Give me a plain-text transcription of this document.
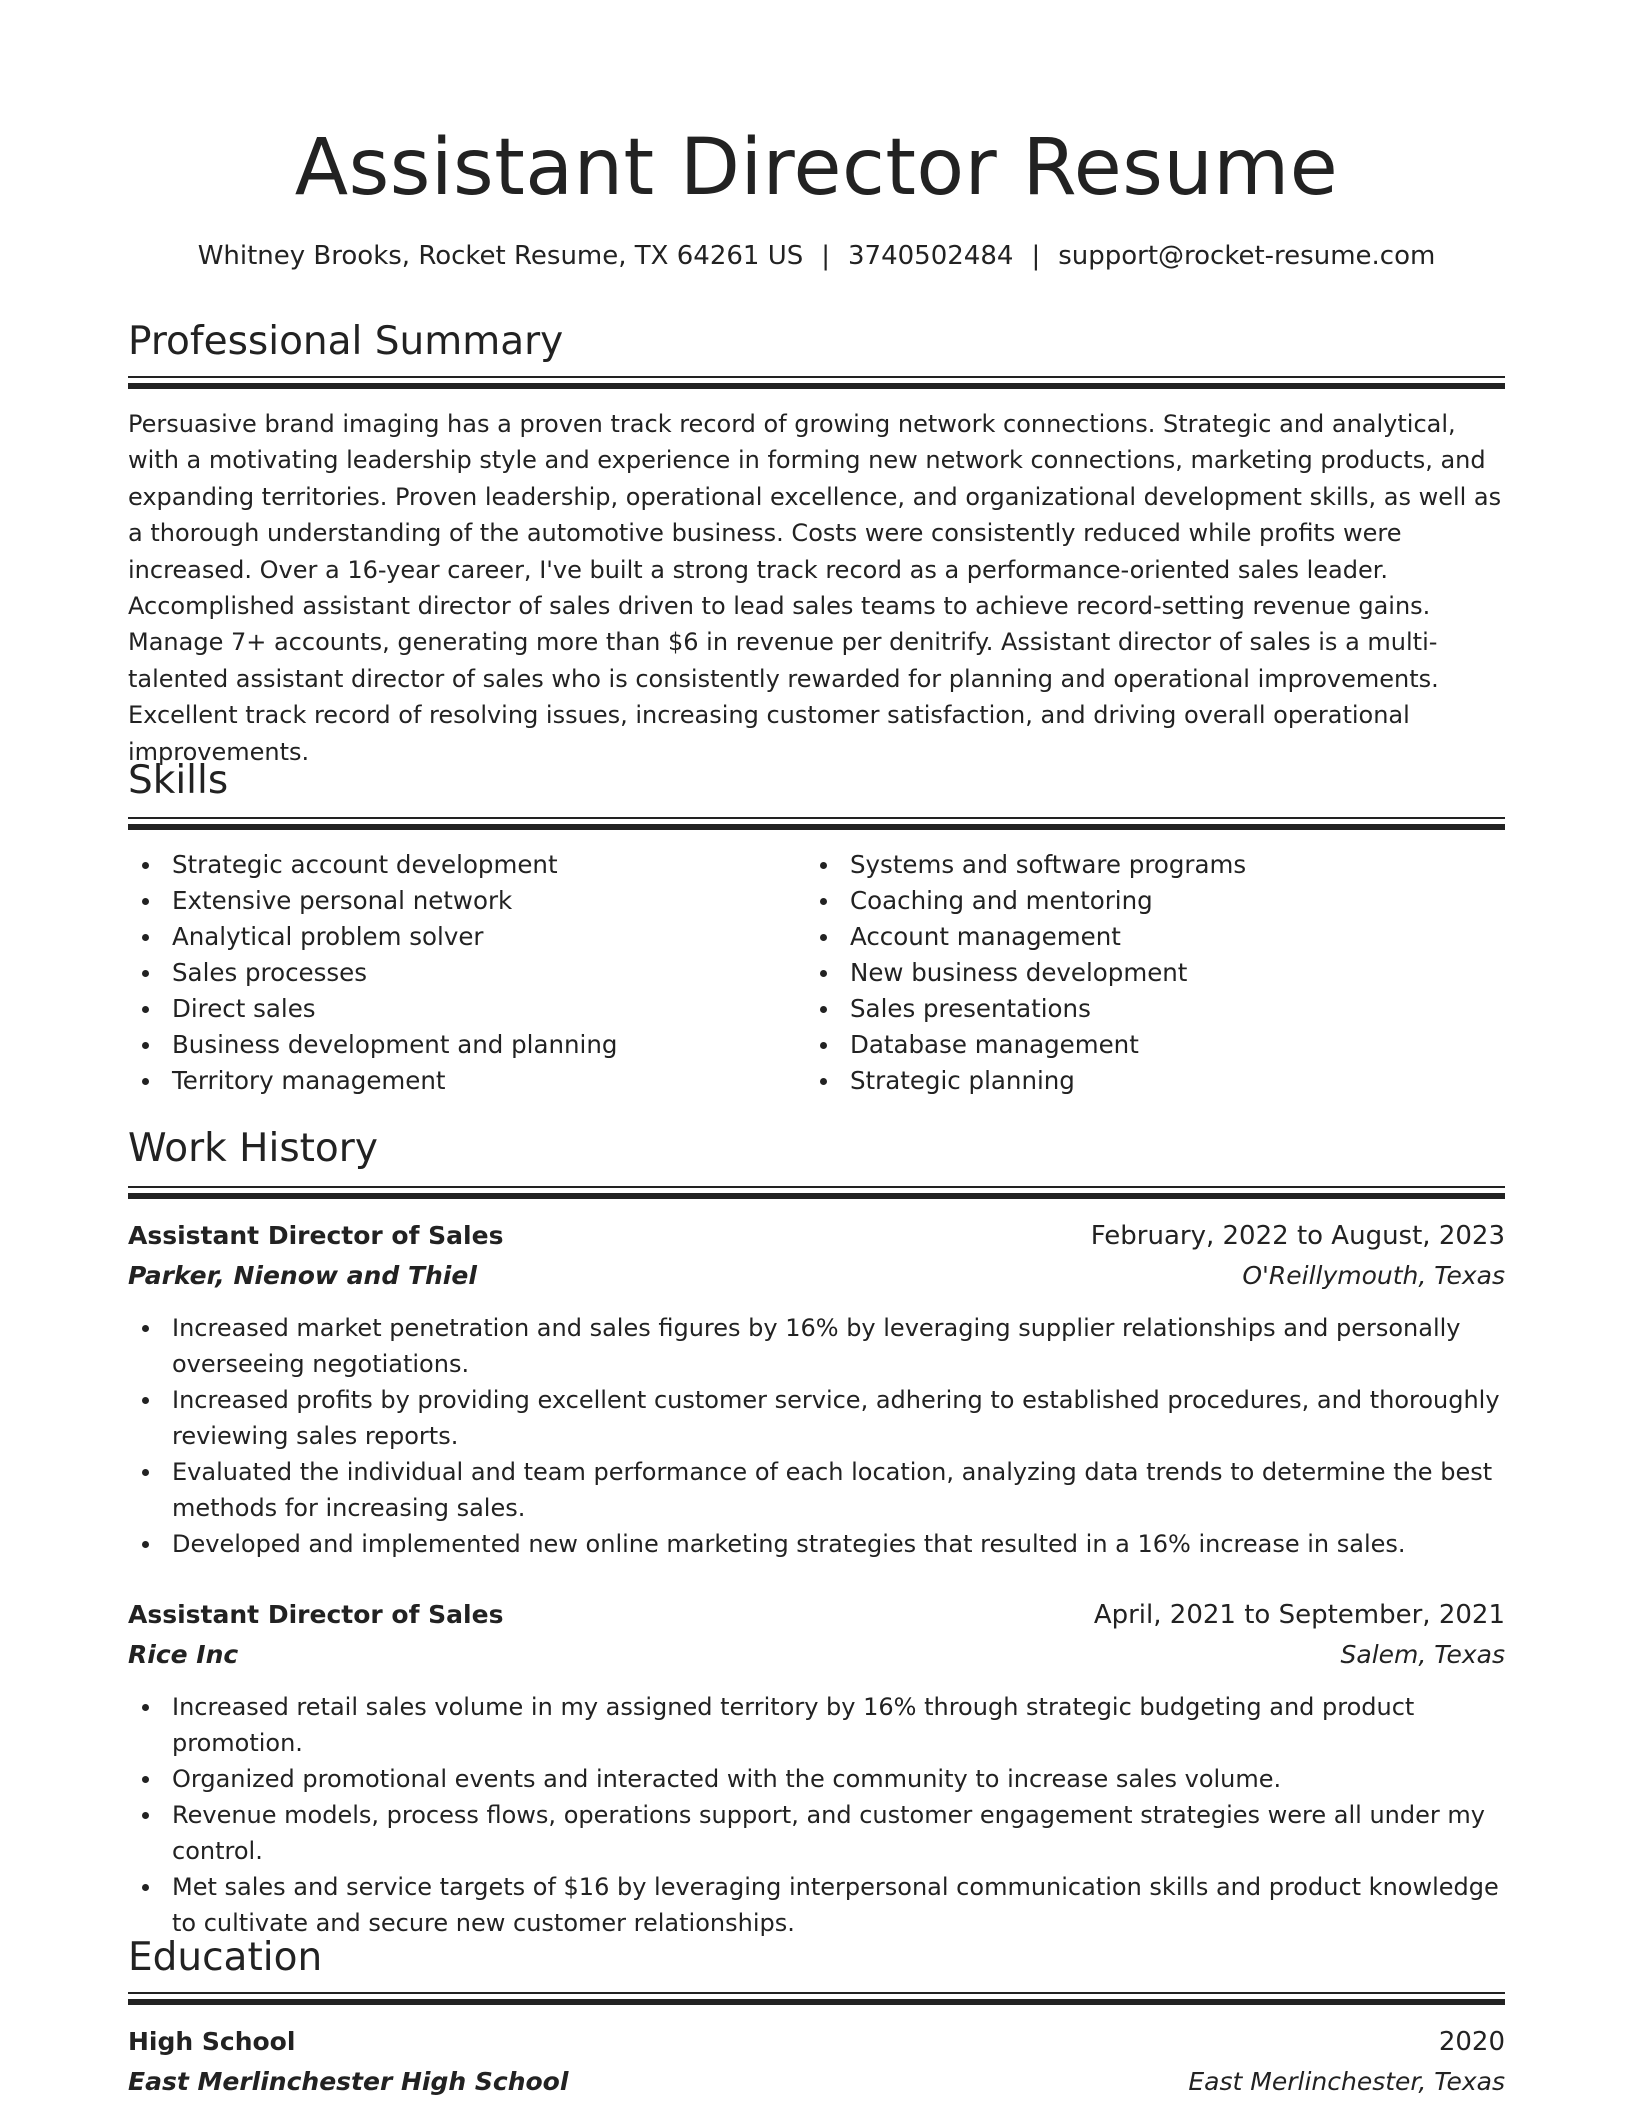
Assistant Director Resume
Whitney Brooks, Rocket Resume, TX 64261 US | 3740502484 | support@rocket-resume.com
Professional Summary

Persuasive brand imaging has a proven track record of growing network connections. Strategic and analytical, with a motivating leadership style and experience in forming new network connections, marketing products, and expanding territories. Proven leadership, operational excellence, and organizational development skills, as well as a thorough understanding of the automotive business. Costs were consistently reduced while profits were increased. Over a 16-year career, I've built a strong track record as a performance-oriented sales leader. Accomplished assistant director of sales driven to lead sales teams to achieve record-setting revenue gains. Manage 7+ accounts, generating more than $6 in revenue per denitrify. Assistant director of sales is a multi-talented assistant director of sales who is consistently rewarded for planning and operational improvements. Excellent track record of resolving issues, increasing customer satisfaction, and driving overall operational improvements.

Skills
Strategic account development
Extensive personal network
Analytical problem solver
Sales processes
Direct sales
Business development and planning
Territory management
Systems and software programs
Coaching and mentoring
Account management
New business development
Sales presentations
Database management
Strategic planning
Work History
Assistant Director of Sales	February, 2022 to August, 2023
Parker, Nienow and Thiel	O'Reillymouth, Texas
Increased market penetration and sales figures by 16% by leveraging supplier relationships and personally overseeing negotiations.
Increased profits by providing excellent customer service, adhering to established procedures, and thoroughly reviewing sales reports.
Evaluated the individual and team performance of each location, analyzing data trends to determine the best methods for increasing sales.
Developed and implemented new online marketing strategies that resulted in a 16% increase in sales.
Assistant Director of Sales	April, 2021 to September, 2021
Rice Inc	Salem, Texas
Increased retail sales volume in my assigned territory by 16% through strategic budgeting and product promotion.
Organized promotional events and interacted with the community to increase sales volume.
Revenue models, process flows, operations support, and customer engagement strategies were all under my control.
Met sales and service targets of $16 by leveraging interpersonal communication skills and product knowledge to cultivate and secure new customer relationships.
Education
High School	2020
East Merlinchester High School	East Merlinchester, Texas
